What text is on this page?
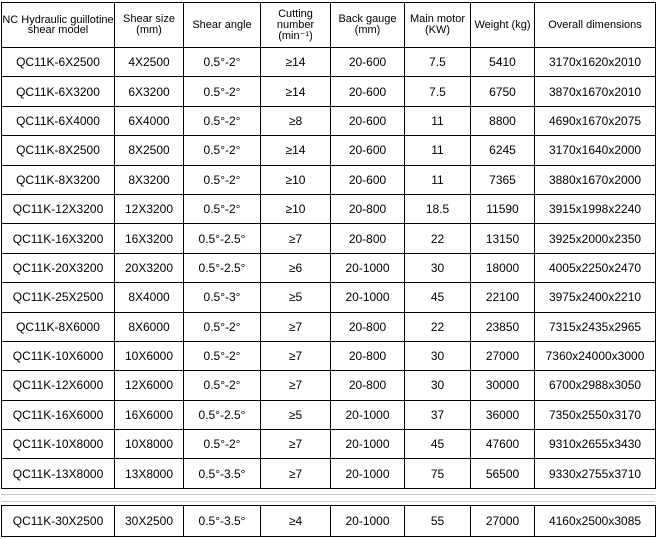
NC Hydraulic guillotine shear model	Shear size (mm)	Shear angle	Cutting number (min⁻¹)	Back gauge (mm)	Main motor (KW)	Weight (kg)	Overall dimensions
QC11K-6X2500	4X2500	0.5°-2°	≥14	20-600	7.5	5410	3170x1620x2010
QC11K-6X3200	6X3200	0.5°-2°	≥14	20-600	7.5	6750	3870x1670x2010
QC11K-6X4000	6X4000	0.5°-2°	≥8	20-600	11	8800	4690x1670x2075
QC11K-8X2500	8X2500	0.5°-2°	≥14	20-600	11	6245	3170x1640x2000
QC11K-8X3200	8X3200	0.5°-2°	≥10	20-600	11	7365	3880x1670x2000
QC11K-12X3200	12X3200	0.5°-2°	≥10	20-800	18.5	11590	3915x1998x2240
QC11K-16X3200	16X3200	0.5°-2.5°	≥7	20-800	22	13150	3925x2000x2350
QC11K-20X3200	20X3200	0.5°-2.5°	≥6	20-1000	30	18000	4005x2250x2470
QC11K-25X2500	8X4000	0.5°-3°	≥5	20-1000	45	22100	3975x2400x2210
QC11K-8X6000	8X6000	0.5°-2°	≥7	20-800	22	23850	7315x2435x2965
QC11K-10X6000	10X6000	0.5°-2°	≥7	20-800	30	27000	7360x24000x3000
QC11K-12X6000	12X6000	0.5°-2°	≥7	20-800	30	30000	6700x2988x3050
QC11K-16X6000	16X6000	0.5°-2.5°	≥5	20-1000	37	36000	7350x2550x3170
QC11K-10X8000	10X8000	0.5°-2°	≥7	20-1000	45	47600	9310x2655x3430
QC11K-13X8000	13X8000	0.5°-3.5°	≥7	20-1000	75	56500	9330x2755x3710
QC11K-30X2500	30X2500	0.5°-3.5°	≥4	20-1000	55	27000	4160x2500x3085
